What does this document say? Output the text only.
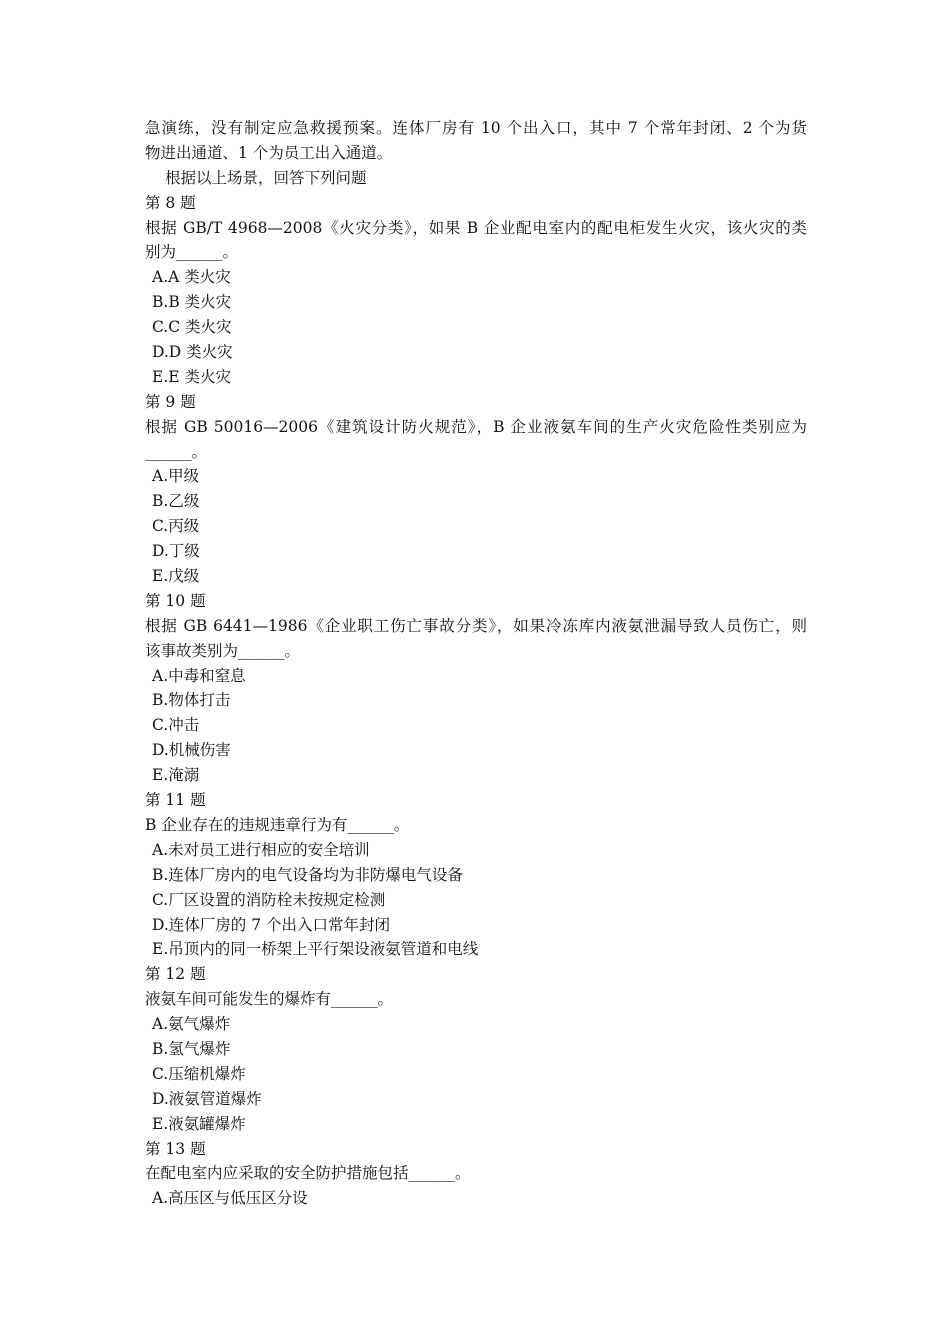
急演练，没有制定应急救援预案。连体厂房有 10 个出入口，其中 7 个常年封闭、2 个为货
物进出通道、1 个为员工出入通道。
根据以上场景，回答下列问题
第 8 题
根据 GB/T 4968—2008《火灾分类》，如果 B 企业配电室内的配电柜发生火灾，该火灾的类
别为______。
A.A 类火灾
B.B 类火灾
C.C 类火灾
D.D 类火灾
E.E 类火灾
第 9 题
根据 GB 50016—2006《建筑设计防火规范》，B 企业液氨车间的生产火灾危险性类别应为
______。
A.甲级
B.乙级
C.丙级
D.丁级
E.戊级
第 10 题
根据 GB 6441—1986《企业职工伤亡事故分类》，如果冷冻库内液氨泄漏导致人员伤亡，则
该事故类别为______。
A.中毒和窒息
B.物体打击
C.冲击
D.机械伤害
E.淹溺
第 11 题
B 企业存在的违规违章行为有______。
A.未对员工进行相应的安全培训
B.连体厂房内的电气设备均为非防爆电气设备
C.厂区设置的消防栓未按规定检测
D.连体厂房的 7 个出入口常年封闭
E.吊顶内的同一桥架上平行架设液氨管道和电线
第 12 题
液氨车间可能发生的爆炸有______。
A.氨气爆炸
B.氢气爆炸
C.压缩机爆炸
D.液氨管道爆炸
E.液氨罐爆炸
第 13 题
在配电室内应采取的安全防护措施包括______。
A.高压区与低压区分设
